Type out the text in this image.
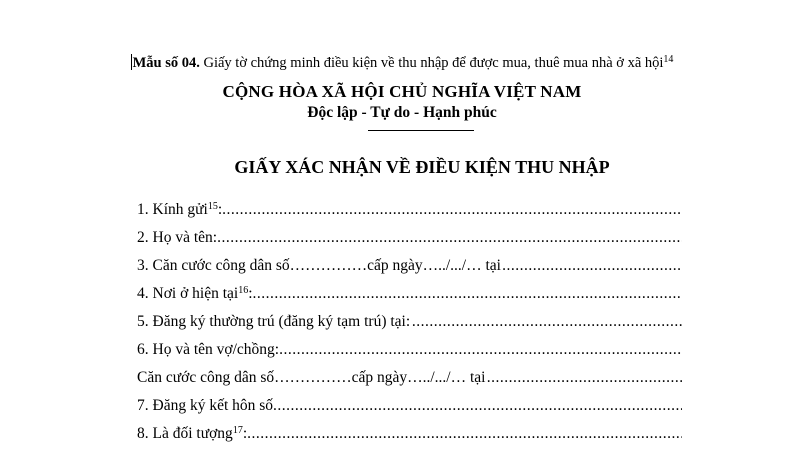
Mẫu số 04. Giấy tờ chứng minh điều kiện về thu nhập để được mua, thuê mua nhà ở xã hội$^{14}$
CỘNG HÒA XÃ HỘI CHỦ NGHĨA VIỆT NAM
Độc lập - Tự do - Hạnh phúc
GIẤY XÁC NHẬN VỀ ĐIỀU KIỆN THU NHẬP
1. Kính gửi$^{15}$:
.....
2. Họ và tên:
.....
3. Căn cước công dân số……………cấp ngày…../.../… tại
.....
4. Nơi ở hiện tại$^{16}$:
.....
5. Đăng ký thường trú (đăng ký tạm trú) tại:
.....
6. Họ và tên vợ/chồng:
.....
Căn cước công dân số……………cấp ngày…../.../… tại
.....
7. Đăng ký kết hôn số
.....
8. Là đối tượng$^{17}$:
.....
